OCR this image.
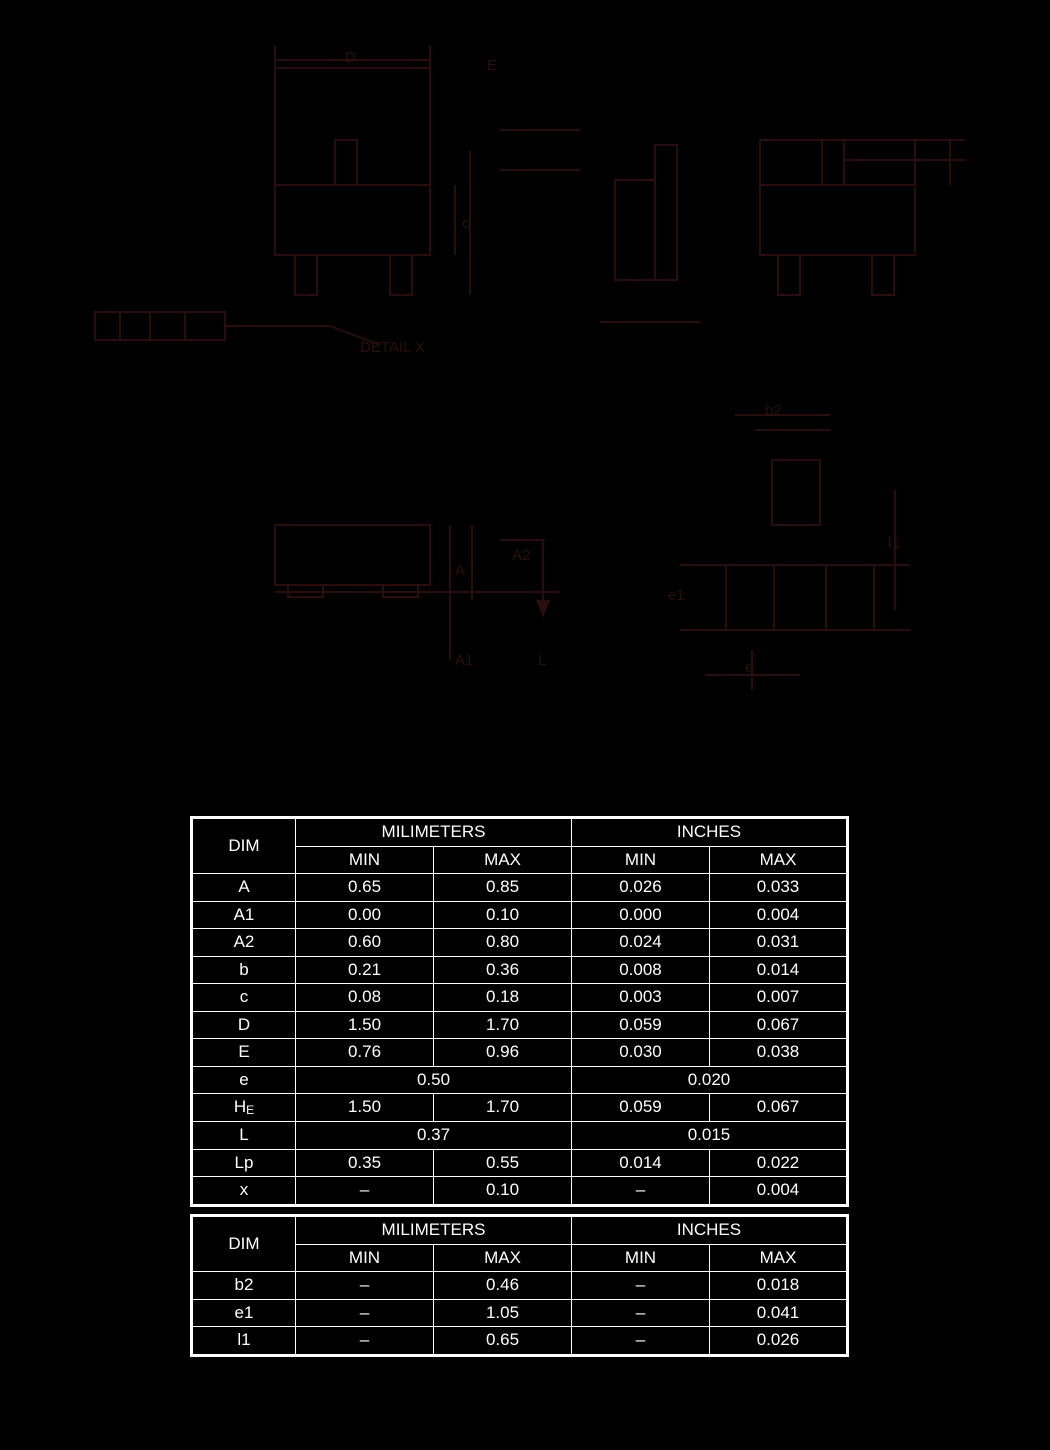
D	E
c
DETAIL X
A
A1
A2
L
b2
l1
e1
e
DIM	MILIMETERS		INCHES	
	MIN	MAX	MIN	MAX
A	0.65	0.85	0.026	0.033
A1	0.00	0.10	0.000	0.004
A2	0.60	0.80	0.024	0.031
b	0.21	0.36	0.008	0.014
c	0.08	0.18	0.003	0.007
D	1.50	1.70	0.059	0.067
E	0.76	0.96	0.030	0.038
e	0.50		0.020	
HE	1.50	1.70	0.059	0.067
L	0.37		0.015	
Lp	0.35	0.55	0.014	0.022
x	–	0.10	–	0.004
DIM	MILIMETERS		INCHES	
	MIN	MAX	MIN	MAX
b2	–	0.46	–	0.018
e1	–	1.05	–	0.041
l1	–	0.65	–	0.026
